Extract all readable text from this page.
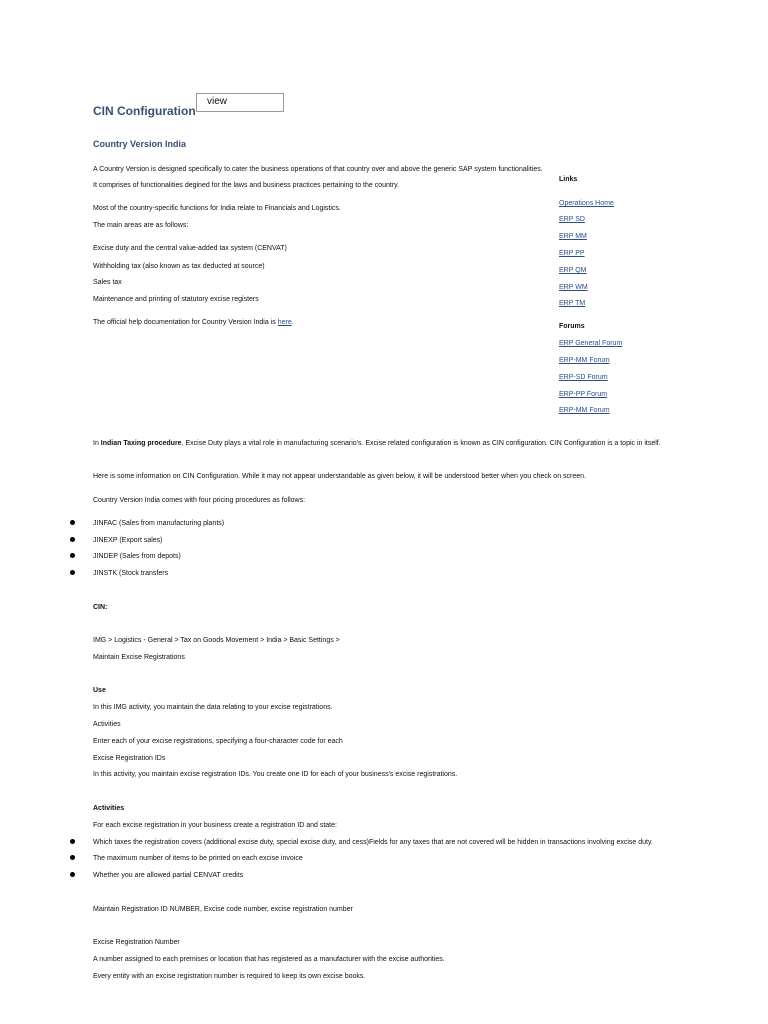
CIN Configuration
view
Country Version India
A Country Version is designed specifically to cater the business operations of that country over and above the generic SAP system functionalities.
It comprises of functionalities degined for the laws and business practices pertaining to the country.
Most of the country-specific functions for India relate to Financials and Logistics.
The main areas are as follows:
Excise duty and the central value-added tax system (CENVAT)
Withholding tax (also known as tax deducted at source)
Sales tax
Maintenance and printing of statutory excise registers
The official help documentation for Country Version India is here.
Links
Operations Home
ERP SD
ERP MM
ERP PP
ERP QM
ERP WM
ERP TM
Forums
ERP General Forum
ERP-MM Forum
ERP-SD Forum
ERP-PP Forum
ERP-MM Forum
In Indian Taxing procedure, Excise Duty plays a vital role in manufacturing scenario's. Excise related configuration is known as CIN configuration. CIN Configuration is a topic in itself.
Here is some information on CIN Configuration. While it may not appear understandable as given below, it will be understood better when you check on screen.
Country Version India comes with four pricing procedures as follows:
JINFAC (Sales from manufacturing plants)
JINEXP (Export sales)
JINDEP (Sales from depots)
JINSTK (Stock transfers
CIN:
IMG > Logistics - General > Tax on Goods Movement > India > Basic Settings >
Maintain Excise Registrations
Use
In this IMG activity, you maintain the data relating to your excise registrations.
Activities
Enter each of your excise registrations, specifying a four-character code for each
Excise Registration IDs
In this activity, you maintain excise registration IDs. You create one ID for each of your business's excise registrations.
Activities
For each excise registration in your business create a registration ID and state:
Which taxes the registration covers (additional excise duty, special excise duty, and cess)Fields for any taxes that are not covered will be hidden in transactions involving excise duty.
The maximum number of items to be printed on each excise invoice
Whether you are allowed partial CENVAT credits
Maintain Registration ID NUMBER, Excise code number, excise registration number
Excise Registration Number
A number assigned to each premises or location that has registered as a manufacturer with the excise authorities.
Every entity with an excise registration number is required to keep its own excise books.
